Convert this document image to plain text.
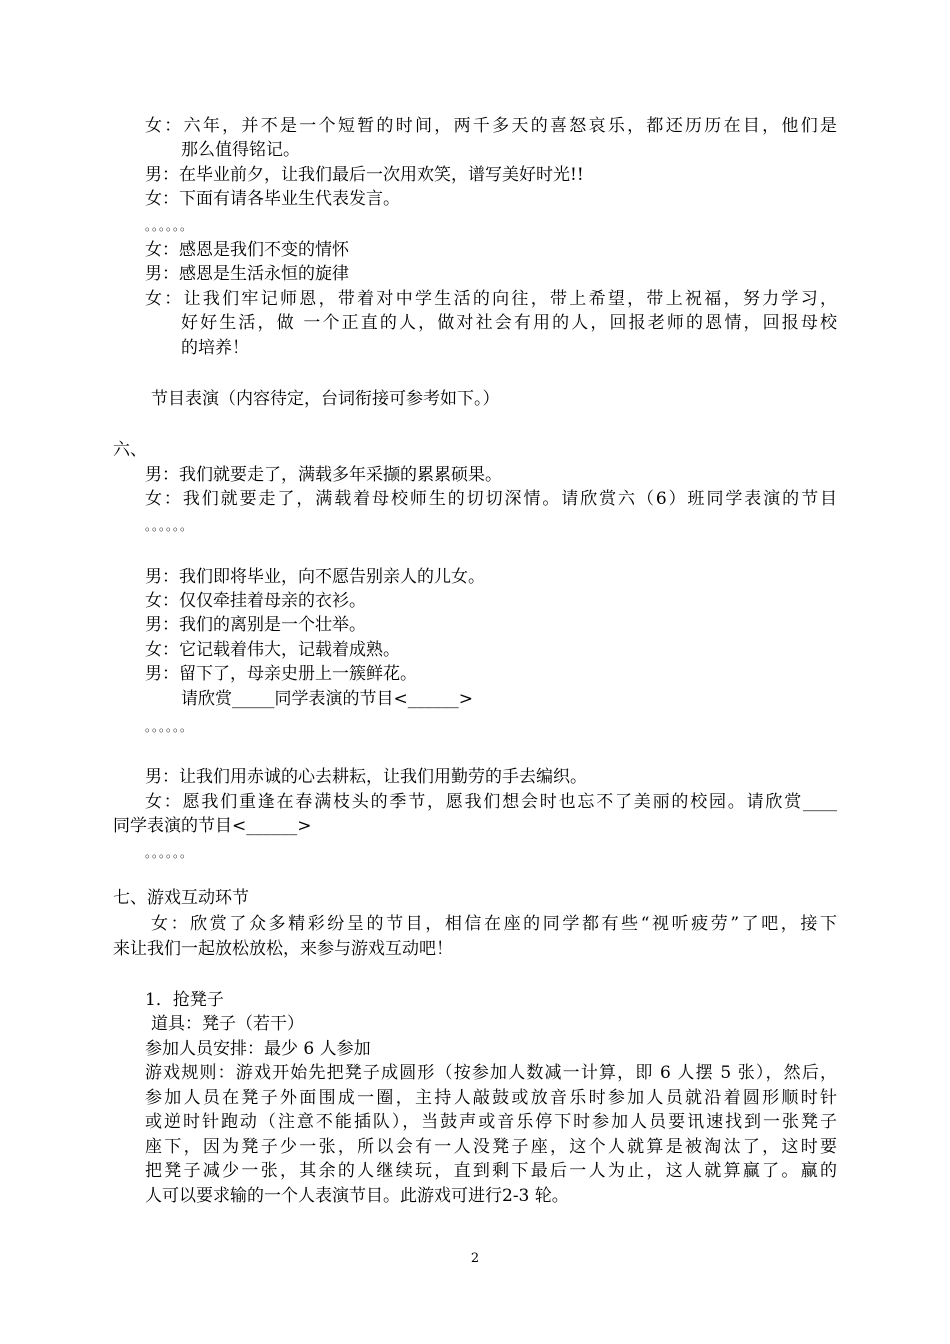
女：六年，并不是一个短暂的时间，两千多天的喜怒哀乐，都还历历在目，他们是
那么值得铭记。
男：在毕业前夕，让我们最后一次用欢笑，谱写美好时光!!
女：下面有请各毕业生代表发言。
。。。。。。
女：感恩是我们不变的情怀
男：感恩是生活永恒的旋律
女：让我们牢记师恩，带着对中学生活的向往，带上希望，带上祝福，努力学习，
好好生活，做 一个正直的人，做对社会有用的人，回报老师的恩情，回报母校
的培养！
节目表演（内容待定，台词衔接可参考如下。）
六、
男：我们就要走了，满载多年采撷的累累硕果。
女：我们就要走了，满载着母校师生的切切深情。请欣赏六（6）班同学表演的节目
。。。。。。
男：我们即将毕业，向不愿告别亲人的儿女。
女：仅仅牵挂着母亲的衣衫。
男：我们的离别是一个壮举。
女：它记载着伟大，记载着成熟。
男：留下了，母亲史册上一簇鲜花。
请欣赏_____同学表演的节目<______>
。。。。。。
男：让我们用赤诚的心去耕耘，让我们用勤劳的手去编织。
女：愿我们重逢在春满枝头的季节，愿我们想会时也忘不了美丽的校园。请欣赏____
同学表演的节目<______>
。。。。。。
七、游戏互动环节
女：欣赏了众多精彩纷呈的节目，相信在座的同学都有些“视听疲劳”了吧，接下
来让我们一起放松放松，来参与游戏互动吧！
1．抢凳子
道具：凳子（若干）
参加人员安排：最少 6 人参加
游戏规则：游戏开始先把凳子成圆形（按参加人数减一计算，即 6 人摆 5 张），然后，
参加人员在凳子外面围成一圈，主持人敲鼓或放音乐时参加人员就沿着圆形顺时针
或逆时针跑动（注意不能插队），当鼓声或音乐停下时参加人员要讯速找到一张凳子
座下，因为凳子少一张，所以会有一人没凳子座，这个人就算是被淘汰了，这时要
把凳子减少一张，其余的人继续玩，直到剩下最后一人为止，这人就算赢了。赢的
人可以要求输的一个人表演节目。此游戏可进行2-3 轮。
2
